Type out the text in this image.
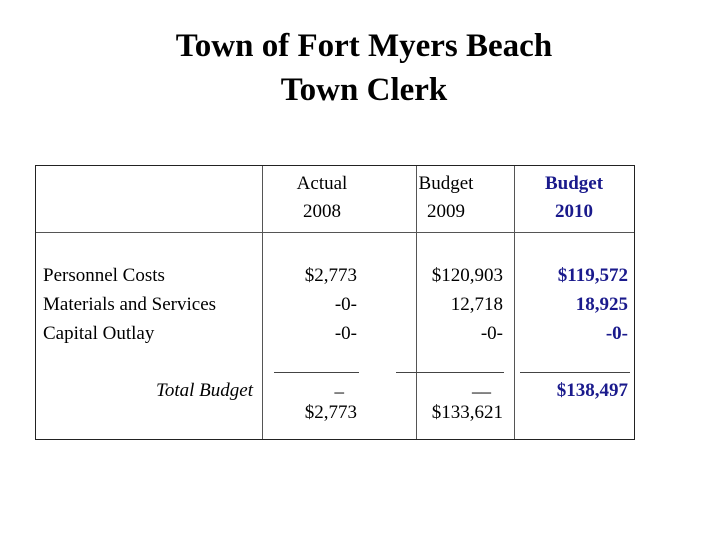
Town of Fort Myers Beach
Town Clerk
Actual
2008
Budget
2009
Budget
2010
Personnel Costs
Materials and Services
Capital Outlay
$2,773
-0-
-0-
$120,903
12,718
-0-
$119,572
18,925
-0-
Total Budget	_
$2,773
__
$133,621
$138,497
